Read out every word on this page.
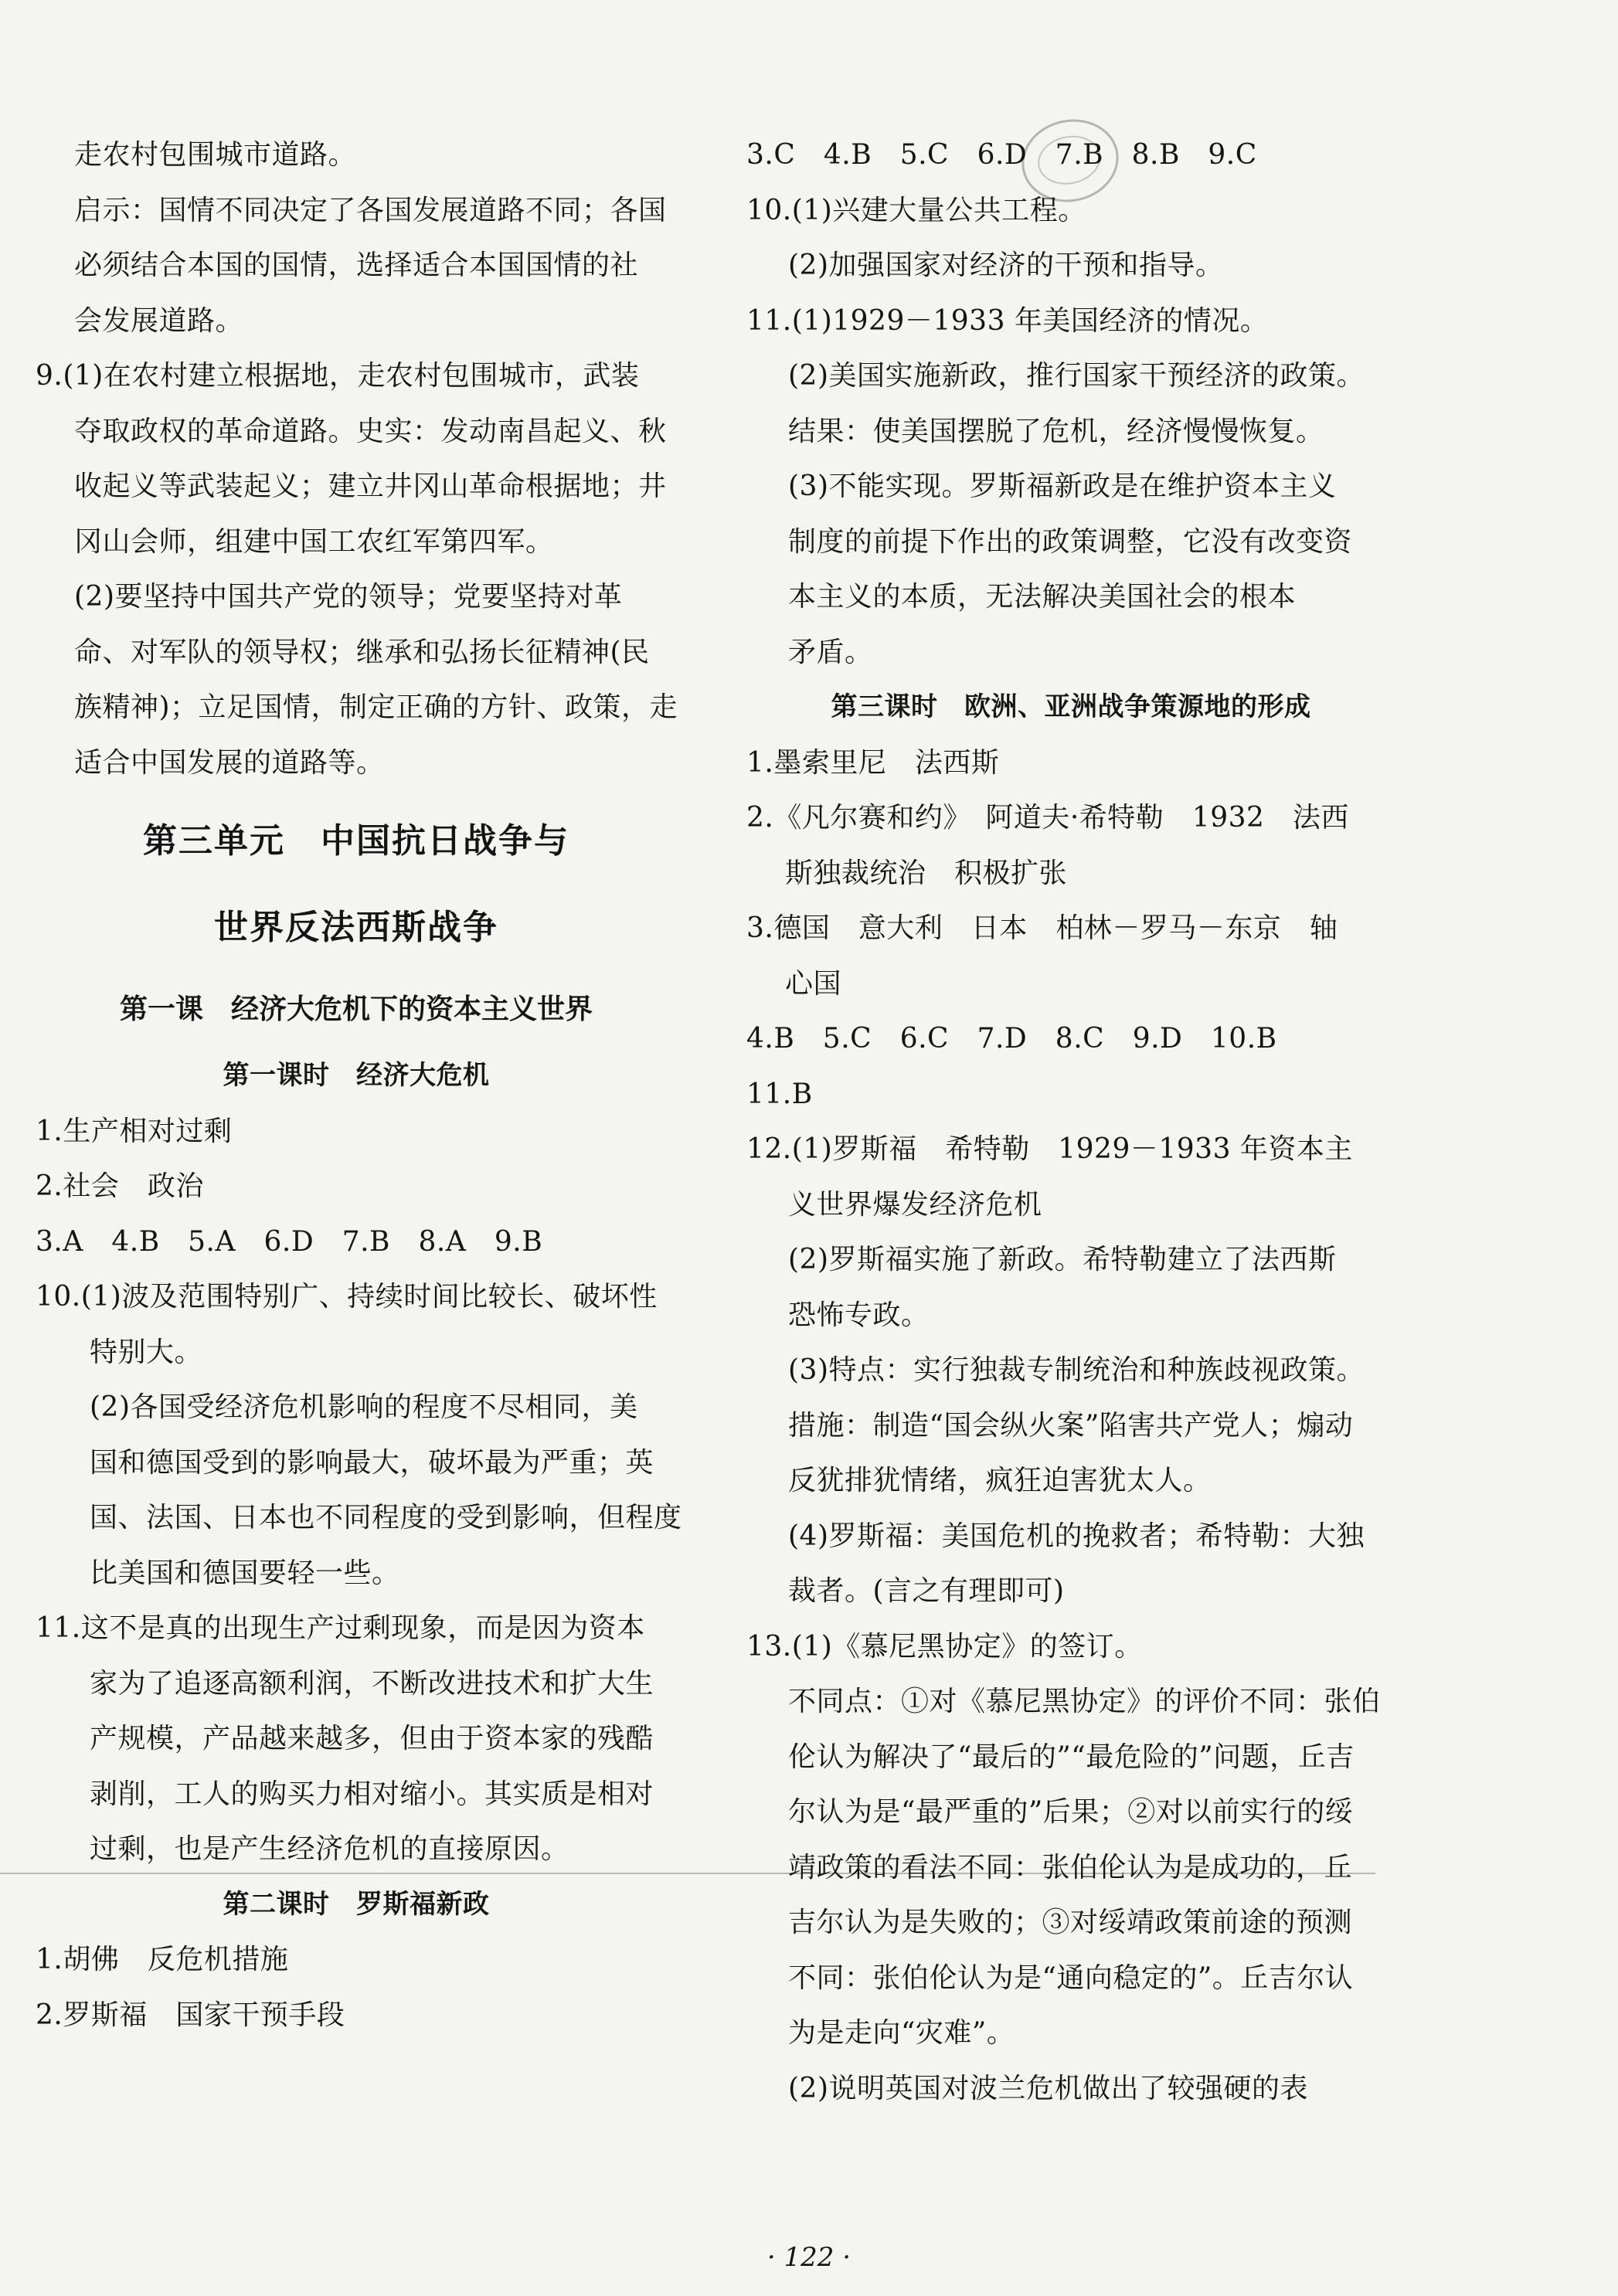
走农村包围城市道路。
启示：国情不同决定了各国发展道路不同；各国
必须结合本国的国情，选择适合本国国情的社
会发展道路。
9.(1)在农村建立根据地，走农村包围城市，武装
夺取政权的革命道路。史实：发动南昌起义、秋
收起义等武装起义；建立井冈山革命根据地；井
冈山会师，组建中国工农红军第四军。
(2)要坚持中国共产党的领导；党要坚持对革
命、对军队的领导权；继承和弘扬长征精神(民
族精神)；立足国情，制定正确的方针、政策，走
适合中国发展的道路等。
第三单元　中国抗日战争与
世界反法西斯战争
第一课　经济大危机下的资本主义世界
第一课时　经济大危机
1.生产相对过剩
2.社会　政治
3.A　4.B　5.A　6.D　7.B　8.A　9.B
10.(1)波及范围特别广、持续时间比较长、破坏性
特别大。
(2)各国受经济危机影响的程度不尽相同，美
国和德国受到的影响最大，破坏最为严重；英
国、法国、日本也不同程度的受到影响，但程度
比美国和德国要轻一些。
11.这不是真的出现生产过剩现象，而是因为资本
家为了追逐高额利润，不断改进技术和扩大生
产规模，产品越来越多，但由于资本家的残酷
剥削，工人的购买力相对缩小。其实质是相对
过剩，也是产生经济危机的直接原因。
第二课时　罗斯福新政
1.胡佛　反危机措施
2.罗斯福　国家干预手段
3.C　4.B　5.C　6.D　7.B　8.B　9.C
10.(1)兴建大量公共工程。
(2)加强国家对经济的干预和指导。
11.(1)1929－1933 年美国经济的情况。
(2)美国实施新政，推行国家干预经济的政策。
结果：使美国摆脱了危机，经济慢慢恢复。
(3)不能实现。罗斯福新政是在维护资本主义
制度的前提下作出的政策调整，它没有改变资
本主义的本质，无法解决美国社会的根本
矛盾。
第三课时　欧洲、亚洲战争策源地的形成
1.墨索里尼　法西斯
2.《凡尔赛和约》　阿道夫·希特勒　1932　法西
斯独裁统治　积极扩张
3.德国　意大利　日本　柏林－罗马－东京　轴
心国
4.B　5.C　6.C　7.D　8.C　9.D　10.B
11.B
12.(1)罗斯福　希特勒　1929－1933 年资本主
义世界爆发经济危机
(2)罗斯福实施了新政。希特勒建立了法西斯
恐怖专政。
(3)特点：实行独裁专制统治和种族歧视政策。
措施：制造“国会纵火案”陷害共产党人；煽动
反犹排犹情绪，疯狂迫害犹太人。
(4)罗斯福：美国危机的挽救者；希特勒：大独
裁者。(言之有理即可)
13.(1)《慕尼黑协定》的签订。
不同点：①对《慕尼黑协定》的评价不同：张伯
伦认为解决了“最后的”“最危险的”问题，丘吉
尔认为是“最严重的”后果；②对以前实行的绥
靖政策的看法不同：张伯伦认为是成功的，丘
吉尔认为是失败的；③对绥靖政策前途的预测
不同：张伯伦认为是“通向稳定的”。丘吉尔认
为是走向“灾难”。
(2)说明英国对波兰危机做出了较强硬的表
· 122 ·
